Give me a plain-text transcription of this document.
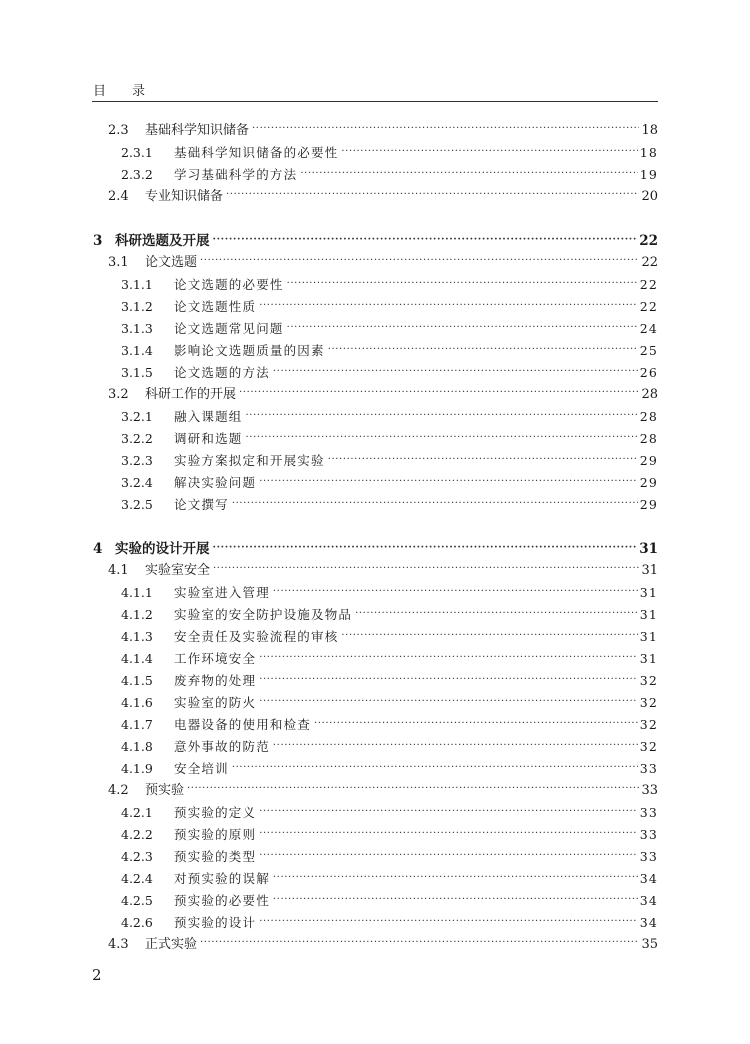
目 录
2.3	基础科学知识储备 ·····	18
2.3.1	基础科学知识储备的必要性 ·····	18
2.3.2	学习基础科学的方法 ·····	19
2.4	专业知识储备 ·····	20
3 科研选题及开展 ·····	22
3.1	论文选题 ·····	22
3.1.1	论文选题的必要性 ·····	22
3.1.2	论文选题性质 ·····	22
3.1.3	论文选题常见问题 ·····	24
3.1.4	影响论文选题质量的因素 ·····	25
3.1.5	论文选题的方法 ·····	26
3.2	科研工作的开展 ·····	28
3.2.1	融入课题组 ·····	28
3.2.2	调研和选题 ·····	28
3.2.3	实验方案拟定和开展实验 ·····	29
3.2.4	解决实验问题 ·····	29
3.2.5	论文撰写 ·····	29
4 实验的设计开展 ·····	31
4.1	实验室安全 ·····	31
4.1.1	实验室进入管理 ·····	31
4.1.2	实验室的安全防护设施及物品 ·····	31
4.1.3	安全责任及实验流程的审核 ·····	31
4.1.4	工作环境安全 ·····	31
4.1.5	废弃物的处理 ·····	32
4.1.6	实验室的防火 ·····	32
4.1.7	电器设备的使用和检查 ·····	32
4.1.8	意外事故的防范 ·····	32
4.1.9	安全培训 ·····	33
4.2	预实验 ·····	33
4.2.1	预实验的定义 ·····	33
4.2.2	预实验的原则 ·····	33
4.2.3	预实验的类型 ·····	33
4.2.4	对预实验的误解 ·····	34
4.2.5	预实验的必要性 ·····	34
4.2.6	预实验的设计 ·····	34
4.3	正式实验 ·····	35
2
